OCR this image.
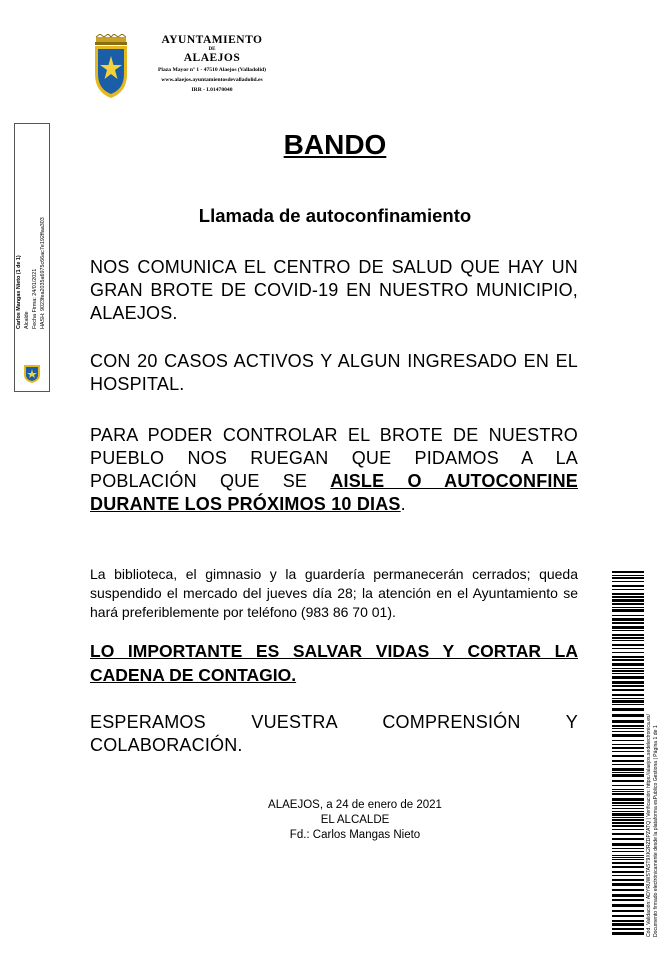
AYUNTAMIENTO
DE
ALAEJOS
Plaza Mayor nº 1 - 47510 Alaejos (Valladolid)
www.alaejos.ayuntamientosdevalladolid.es
IRR - L01470040
Carlos Mangas Nieto (1 de 1) Alcalde Fecha Firma: 24/01/2021 HASH: 9023fea2035a6975c66ac7e192ffaa303
BANDO
Llamada de autoconfinamiento
NOS COMUNICA EL CENTRO DE SALUD QUE HAY UN GRAN BROTE DE COVID-19 EN NUESTRO MUNICIPIO, ALAEJOS.
CON 20 CASOS ACTIVOS Y ALGUN INGRESADO EN EL HOSPITAL.
PARA PODER CONTROLAR EL BROTE DE NUESTRO PUEBLO NOS RUEGAN QUE PIDAMOS A LA POBLACIÓN QUE SE AISLE O AUTOCONFINE DURANTE LOS PRÓXIMOS 10 DIAS.
La biblioteca, el gimnasio y la guardería permanecerán cerrados; queda suspendido el mercado del jueves día 28; la atención en el Ayuntamiento se hará preferiblemente por teléfono (983 86 70 01).
LO IMPORTANTE ES SALVAR VIDAS Y CORTAR LA CADENA DE CONTAGIO.
ESPERAMOS VUESTRA COMPRENSIÓN Y COLABORACIÓN.
ALAEJOS, a 24 de enero de 2021
EL ALCALDE
Fd.: Carlos Mangas Nieto	Cód. Validación: ADYRUWSTAST9XK2RZDPZATQ | Verificación: https://alaejos.sedelectronica.es/ Documento firmado electrónicamente desde la plataforma esPublico Gestiona | Página 1 de 1
